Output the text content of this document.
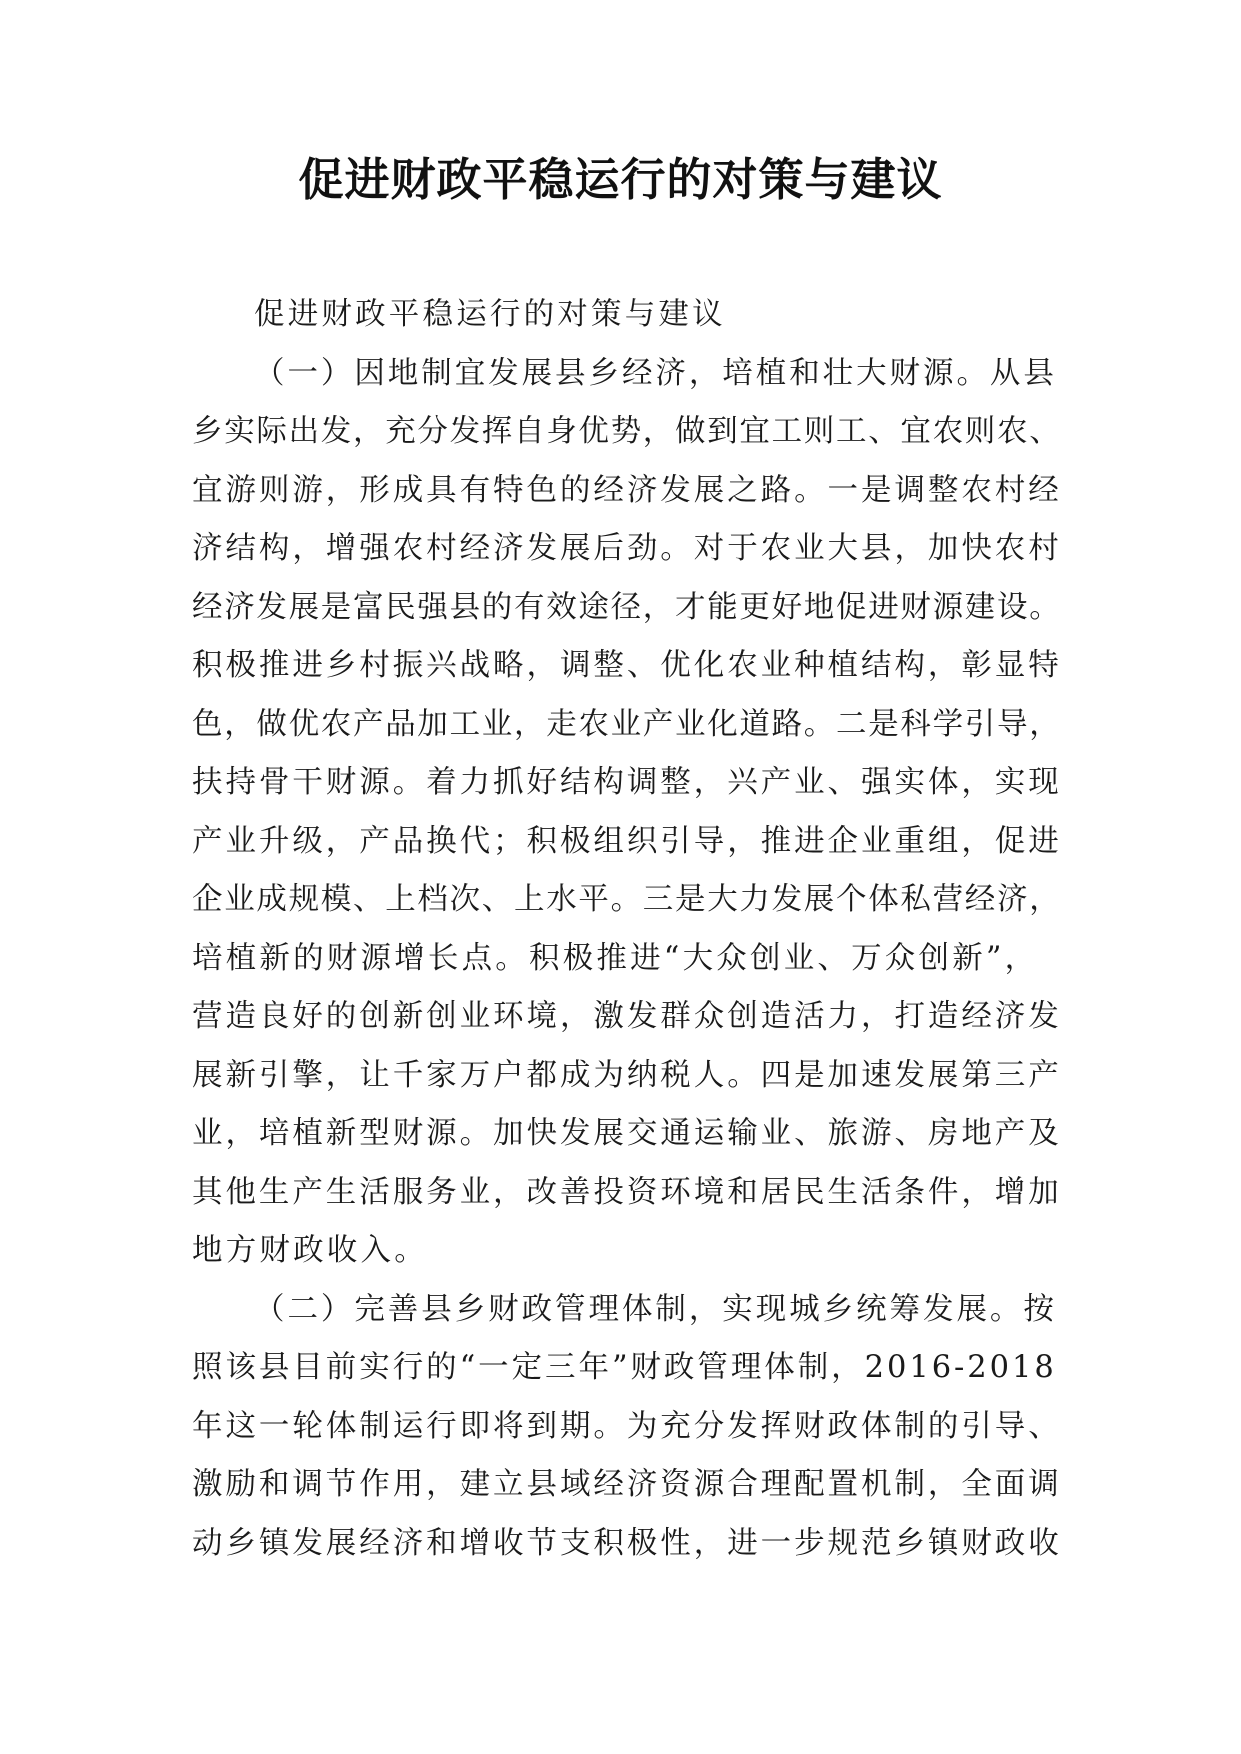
促进财政平稳运行的对策与建议
促进财政平稳运行的对策与建议
（一）因地制宜发展县乡经济，培植和壮大财源。从县
乡实际出发，充分发挥自身优势，做到宜工则工、宜农则农、
宜游则游，形成具有特色的经济发展之路。一是调整农村经
济结构，增强农村经济发展后劲。对于农业大县，加快农村
经济发展是富民强县的有效途径，才能更好地促进财源建设。
积极推进乡村振兴战略，调整、优化农业种植结构，彰显特
色，做优农产品加工业，走农业产业化道路。二是科学引导，
扶持骨干财源。着力抓好结构调整，兴产业、强实体，实现
产业升级，产品换代；积极组织引导，推进企业重组，促进
企业成规模、上档次、上水平。三是大力发展个体私营经济，
培植新的财源增长点。积极推进“大众创业、万众创新”，
营造良好的创新创业环境，激发群众创造活力，打造经济发
展新引擎，让千家万户都成为纳税人。四是加速发展第三产
业，培植新型财源。加快发展交通运输业、旅游、房地产及
其他生产生活服务业，改善投资环境和居民生活条件，增加
地方财政收入。
（二）完善县乡财政管理体制，实现城乡统筹发展。按
照该县目前实行的“一定三年”财政管理体制，2016-2018
年这一轮体制运行即将到期。为充分发挥财政体制的引导、
激励和调节作用，建立县域经济资源合理配置机制，全面调
动乡镇发展经济和增收节支积极性，进一步规范乡镇财政收
